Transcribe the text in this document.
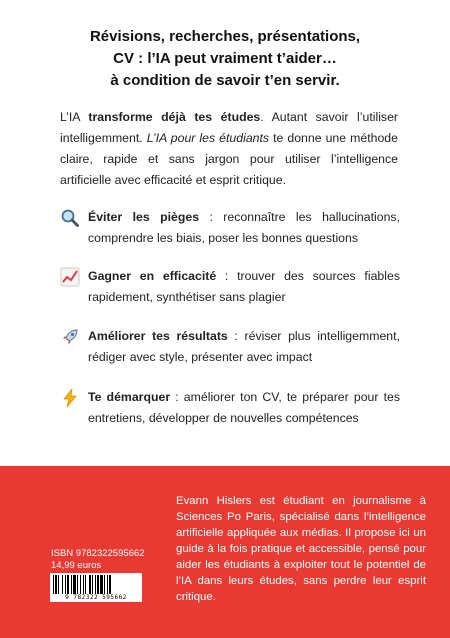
Révisions, recherches, présentations,
CV : l’IA peut vraiment t’aider…
à condition de savoir t’en servir.

L’IA transforme déjà tes études. Autant savoir l’utiliser intelligemment. L’IA pour les étudiants te donne une méthode claire, rapide et sans jargon pour utiliser l’intelligence artificielle avec efficacité et esprit critique.

Éviter les pièges : reconnaître les hallucinations,
comprendre les biais, poser les bonnes questions
Gagner en efficacité : trouver des sources fiables
rapidement, synthétiser sans plagier
Améliorer tes résultats : réviser plus intelligemment,
rédiger avec style, présenter avec impact
Te démarquer : améliorer ton CV, te préparer pour tes
entretiens, développer de nouvelles compétences
ISBN 9782322595662
14,99 euros
9 782322 595662

Evann Hislers est étudiant en journalisme à Sciences Po Paris, spécialisé dans l’intelligence artificielle appliquée aux médias. Il propose ici un guide à la fois pratique et accessible, pensé pour aider les étudiants à exploiter tout le potentiel de l’IA dans leurs études, sans perdre leur esprit critique.
